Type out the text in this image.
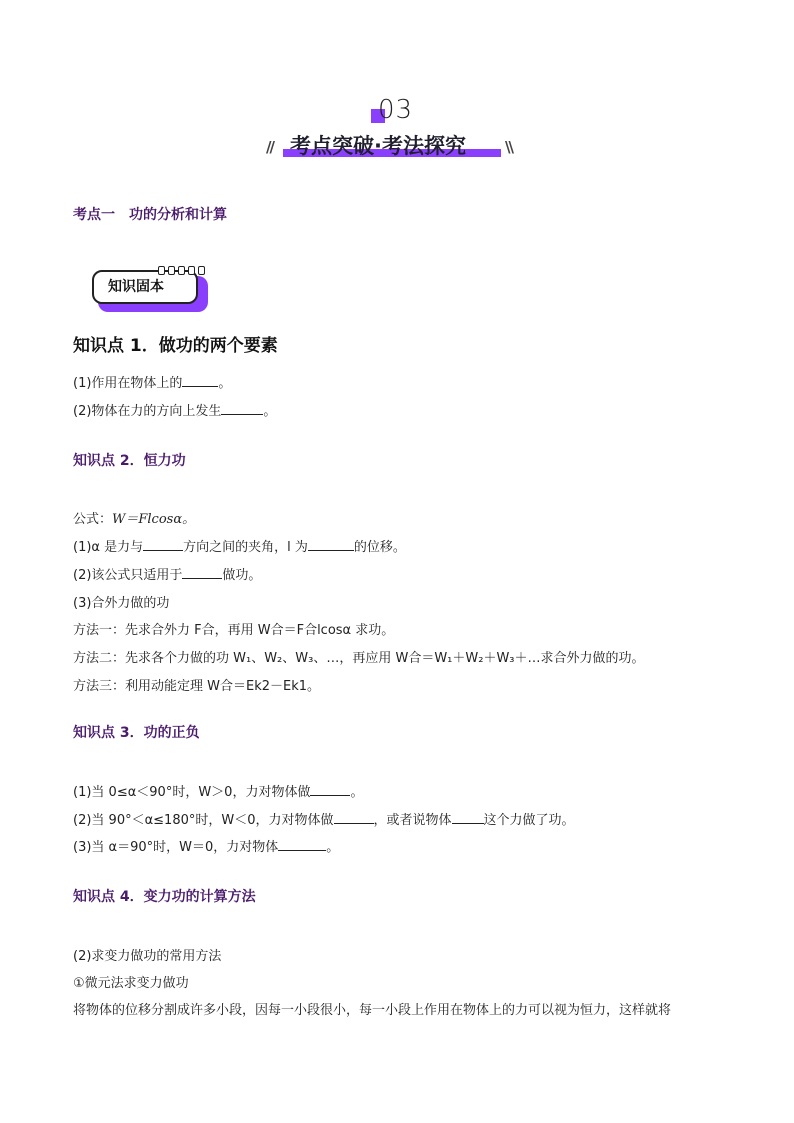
03
// 考点突破·考法探究	\\
考点一 功的分析和计算
知识固本
知识点 1．做功的两个要素
(1)作用在物体上的	。
(2)物体在力的方向上发生	。
知识点 2．恒力功
公式：W＝Flcosα。
(1)α 是力与	方向之间的夹角，l 为	的位移。
(2)该公式只适用于	做功。
(3)合外力做的功
方法一：先求合外力 F合，再用 W合＝F合lcosα 求功。
方法二：先求各个力做的功 W₁、W₂、W₃、…，再应用 W合＝W₁＋W₂＋W₃＋…求合外力做的功。
方法三：利用动能定理 W合＝Ek2－Ek1。
知识点 3．功的正负
(1)当 0≤α＜90°时，W＞0，力对物体做	。
(2)当 90°＜α≤180°时，W＜0，力对物体做	，或者说物体 这个力做了功。
(3)当 α＝90°时，W＝0，力对物体	。
知识点 4．变力功的计算方法
(2)求变力做功的常用方法
①微元法求变力做功
将物体的位移分割成许多小段，因每一小段很小，每一小段上作用在物体上的力可以视为恒力，这样就将
